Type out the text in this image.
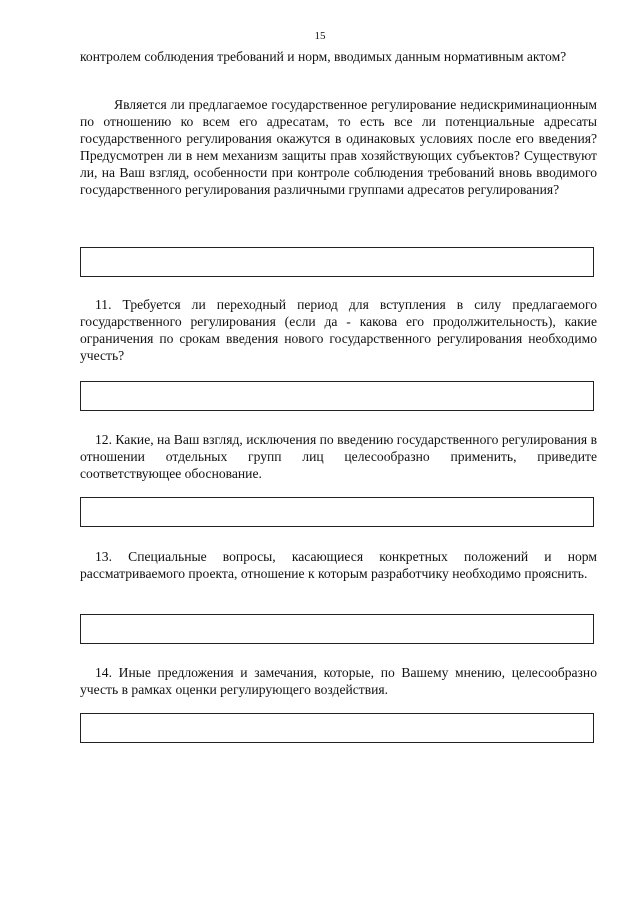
15

контролем соблюдения требований и норм, вводимых данным нормативным актом?

Является ли предлагаемое государственное регулирование недискриминационным по отношению ко всем его адресатам, то есть все ли потенциальные адресаты государственного регулирования окажутся в одинаковых условиях после его введения? Предусмотрен ли в нем механизм защиты прав хозяйствующих субъектов? Существуют ли, на Ваш взгляд, особенности при контроле соблюдения требований вновь вводимого государственного регулирования различными группами адресатов регулирования?

11. Требуется ли переходный период для вступления в силу предлагаемого государственного регулирования (если да - какова его продолжительность), какие ограничения по срокам введения нового государственного регулирования необходимо учесть?

12. Какие, на Ваш взгляд, исключения по введению государственного регулирования в отношении отдельных групп лиц целесообразно применить, приведите соответствующее обоснование.

13. Специальные вопросы, касающиеся конкретных положений и норм рассматриваемого проекта, отношение к которым разработчику необходимо прояснить.

14. Иные предложения и замечания, которые, по Вашему мнению, целесообразно учесть в рамках оценки регулирующего воздействия.
